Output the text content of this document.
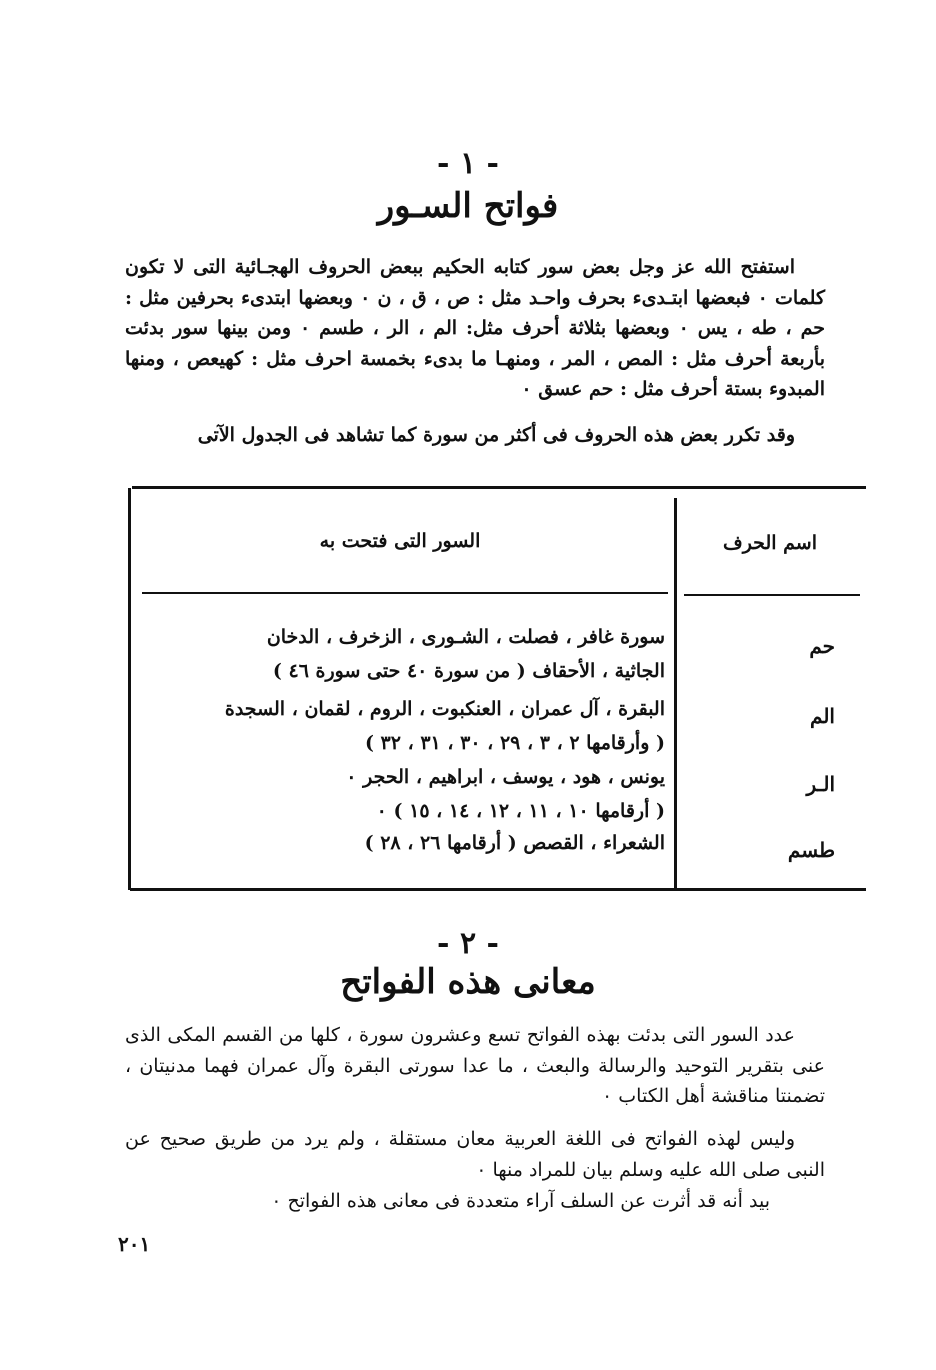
- ١ -
فواتح السـور

استفتح الله عز وجل بعض سور كتابه الحكيم ببعض الحروف الهجـائية التى لا تكون كلمات ٠ فبعضها ابتـدىء بحرف واحـد مثل : ص ، ق ، ن ٠ وبعضها ابتدىء بحرفين مثل : حم ، طه ، يس ٠ وبعضها بثلاثة أحرف مثل: الم ، الر ، طسم ٠ ومن بينها سور بدئت بأربعة أحرف مثل : المص ، المر ، ومنهـا ما بدىء بخمسة احرف مثل : كهيعص ، ومنها المبدوء بستة أحرف مثل : حم عسق ٠

وقد تكرر بعض هذه الحروف فى أكثر من سورة كما تشاهد فى الجدول الآتى

اسم الحرف
السور التى فتحت به
حم
سورة غافر ، فصلت ، الشـورى ، الزخرف ، الدخان
الجاثية ، الأحقاف ( من سورة ٤٠ حتى سورة ٤٦ )
الم
البقرة ، آل عمران ، العنكبوت ، الروم ، لقمان ، السجدة
( وأرقامها ٢ ، ٣ ، ٢٩ ، ٣٠ ، ٣١ ، ٣٢ )
الـر
يونس ، هود ، يوسف ، ابراهيم ، الحجر ٠
( أرقامها ١٠ ، ١١ ، ١٢ ، ١٤ ، ١٥ ) ٠
طسم
الشعراء ، القصص ( أرقامها ٢٦ ، ٢٨ )
- ٢ -
معانى هذه الفواتح

عدد السور التى بدئت بهذه الفواتح تسع وعشرون سورة ، كلها من القسم المكى الذى عنى بتقرير التوحيد والرسالة والبعث ، ما عدا سورتى البقرة وآل عمران فهما مدنيتان ، تضمنتا مناقشة أهل الكتاب ٠

وليس لهذه الفواتح فى اللغة العربية معان مستقلة ، ولم يرد من طريق صحيح عن النبى صلى الله عليه وسلم بيان للمراد منها ٠

بيد أنه قد أثرت عن السلف آراء متعددة فى معانى هذه الفواتح ٠

٢٠١
